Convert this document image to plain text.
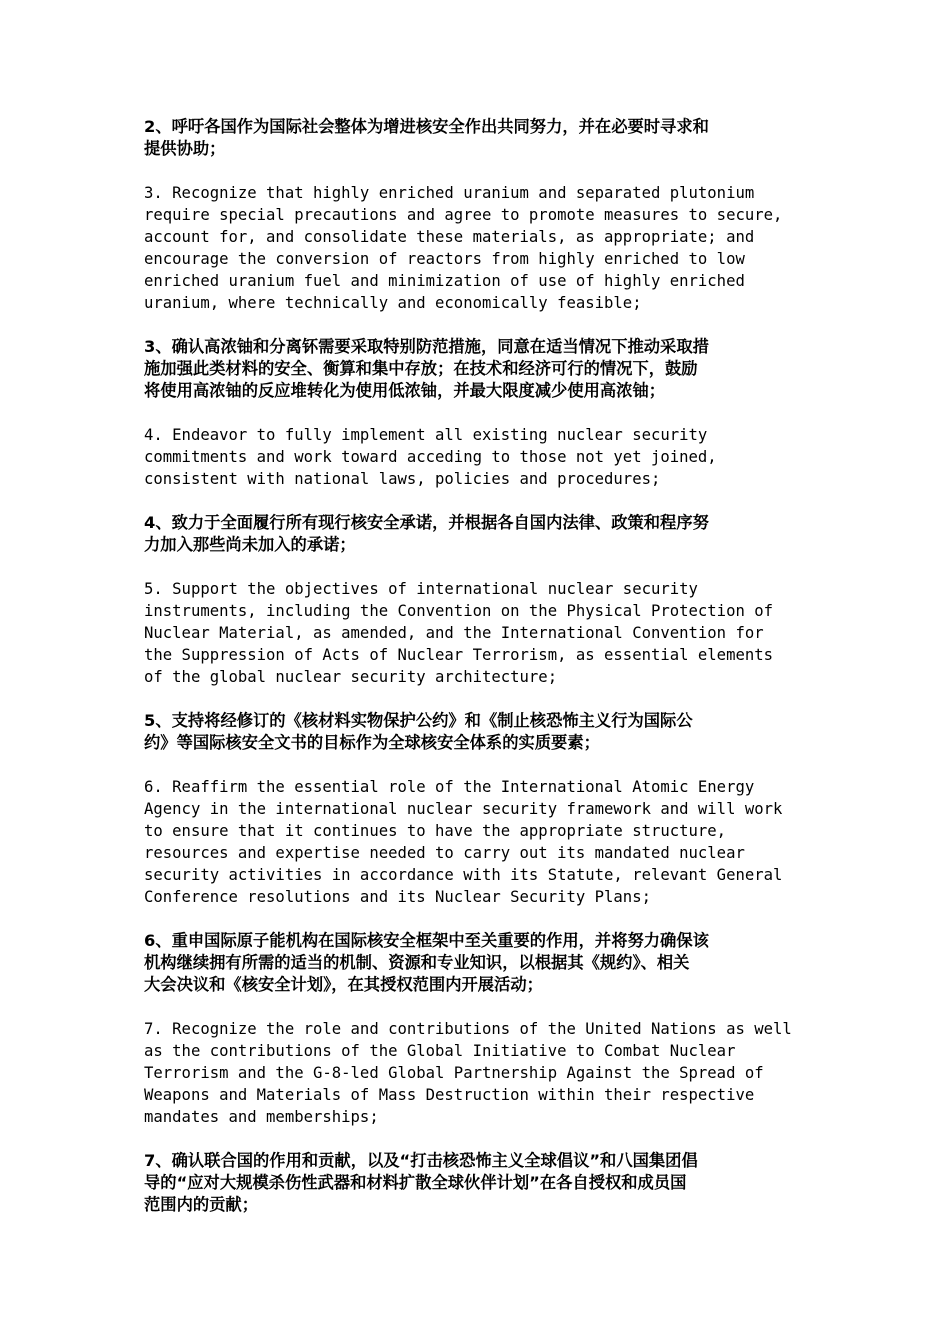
2、呼吁各国作为国际社会整体为增进核安全作出共同努力，并在必要时寻求和
提供协助；

3. Recognize that highly enriched uranium and separated plutonium
require special precautions and agree to promote measures to secure,
account for, and consolidate these materials, as appropriate; and
encourage the conversion of reactors from highly enriched to low
enriched uranium fuel and minimization of use of highly enriched
uranium, where technically and economically feasible;

3、确认高浓铀和分离钚需要采取特别防范措施，同意在适当情况下推动采取措
施加强此类材料的安全、衡算和集中存放；在技术和经济可行的情况下，鼓励
将使用高浓铀的反应堆转化为使用低浓铀，并最大限度减少使用高浓铀；

4. Endeavor to fully implement all existing nuclear security
commitments and work toward acceding to those not yet joined,
consistent with national laws, policies and procedures;

4、致力于全面履行所有现行核安全承诺，并根据各自国内法律、政策和程序努
力加入那些尚未加入的承诺；

5. Support the objectives of international nuclear security
instruments, including the Convention on the Physical Protection of
Nuclear Material, as amended, and the International Convention for
the Suppression of Acts of Nuclear Terrorism, as essential elements
of the global nuclear security architecture;

5、支持将经修订的《核材料实物保护公约》和《制止核恐怖主义行为国际公
约》等国际核安全文书的目标作为全球核安全体系的实质要素；

6. Reaffirm the essential role of the International Atomic Energy
Agency in the international nuclear security framework and will work
to ensure that it continues to have the appropriate structure,
resources and expertise needed to carry out its mandated nuclear
security activities in accordance with its Statute, relevant General
Conference resolutions and its Nuclear Security Plans;

6、重申国际原子能机构在国际核安全框架中至关重要的作用，并将努力确保该
机构继续拥有所需的适当的机制、资源和专业知识，以根据其《规约》、相关
大会决议和《核安全计划》，在其授权范围内开展活动；

7. Recognize the role and contributions of the United Nations as well
as the contributions of the Global Initiative to Combat Nuclear
Terrorism and the G-8-led Global Partnership Against the Spread of
Weapons and Materials of Mass Destruction within their respective
mandates and memberships;

7、确认联合国的作用和贡献，以及“打击核恐怖主义全球倡议”和八国集团倡
导的“应对大规模杀伤性武器和材料扩散全球伙伴计划”在各自授权和成员国
范围内的贡献；
